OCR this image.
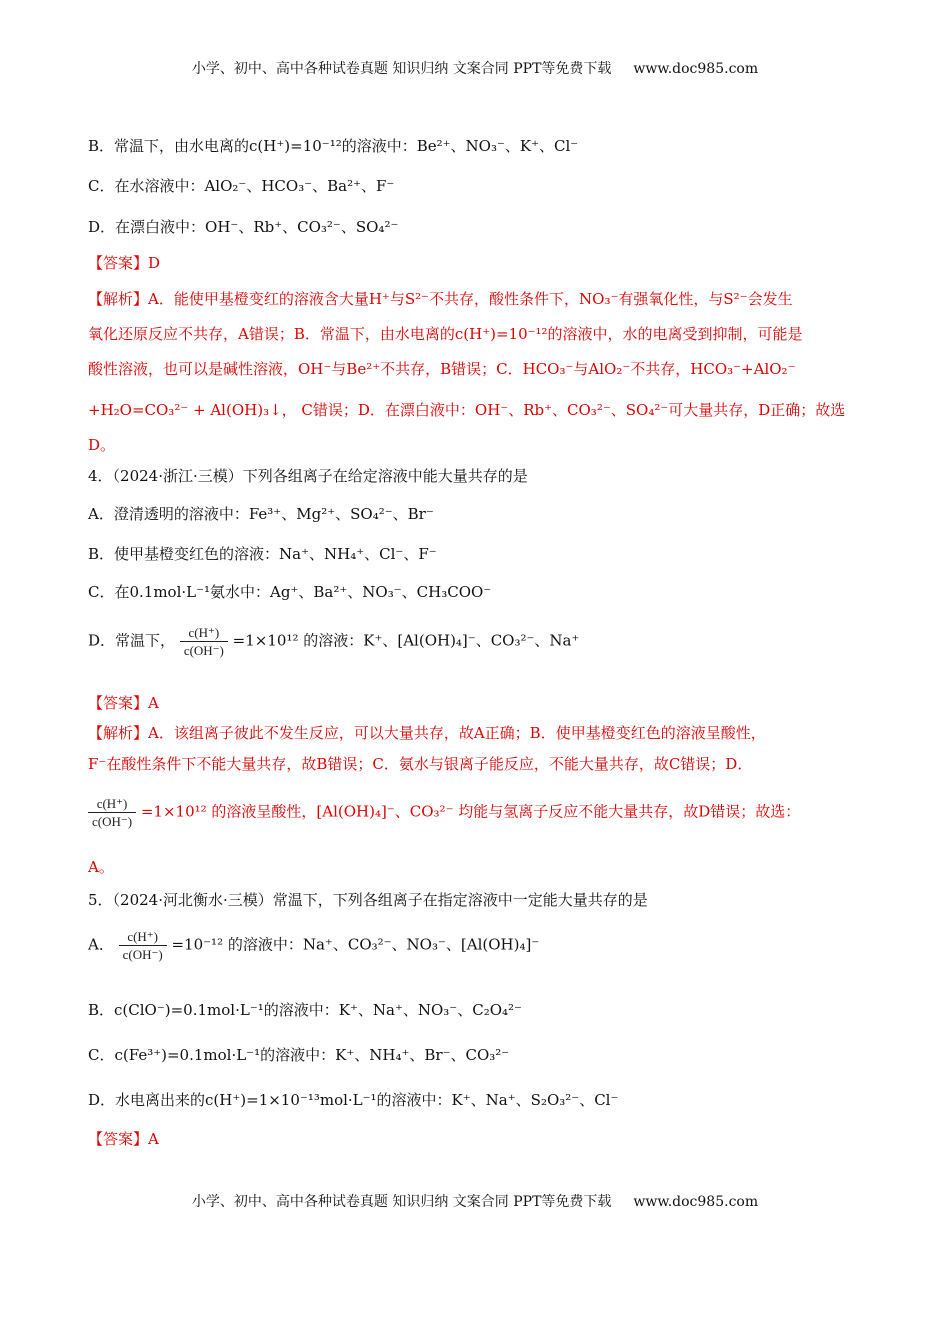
小学、初中、高中各种试卷真题 知识归纳 文案合同 PPT等免费下载 www.doc985.com
B．常温下，由水电离的c(H⁺)=10⁻¹²的溶液中：Be²⁺、NO₃⁻、K⁺、Cl⁻
C．在水溶液中：AlO₂⁻、HCO₃⁻、Ba²⁺、F⁻
D．在漂白液中：OH⁻、Rb⁺、CO₃²⁻、SO₄²⁻
【答案】D
【解析】A．能使甲基橙变红的溶液含大量H⁺与S²⁻不共存，酸性条件下，NO₃⁻有强氧化性，与S²⁻会发生
氧化还原反应不共存，A错误；B．常温下，由水电离的c(H⁺)=10⁻¹²的溶液中，水的电离受到抑制，可能是
酸性溶液，也可以是碱性溶液，OH⁻与Be²⁺不共存，B错误；C．HCO₃⁻与AlO₂⁻不共存，HCO₃⁻+AlO₂⁻
+H₂O=CO₃²⁻ + Al(OH)₃↓， C错误；D．在漂白液中：OH⁻、Rb⁺、CO₃²⁻、SO₄²⁻可大量共存，D正确；故选
D。
4．（2024·浙江·三模）下列各组离子在给定溶液中能大量共存的是
A．澄清透明的溶液中：Fe³⁺、Mg²⁺、SO₄²⁻、Br⁻
B．使甲基橙变红色的溶液：Na⁺、NH₄⁺、Cl⁻、F⁻
C．在0.1mol·L⁻¹氨水中：Ag⁺、Ba²⁺、NO₃⁻、CH₃COO⁻
D．常温下， $\frac{c(H^+)}{c(OH^-)} =1\times 10^{12}$ 的溶液：K⁺、[Al(OH)₄]⁻、CO₃²⁻、Na⁺
【答案】A
【解析】A．该组离子彼此不发生反应，可以大量共存，故A正确；B．使甲基橙变红色的溶液呈酸性，
F⁻在酸性条件下不能大量共存，故B错误；C．氨水与银离子能反应，不能大量共存，故C错误；D．
$\frac{c(H^+)}{c(OH^-)} =1\times 10^{12}$ 的溶液呈酸性，[Al(OH)₄]⁻、CO₃²⁻ 均能与氢离子反应不能大量共存，故D错误；故选：
A。
5．（2024·河北衡水·三模）常温下，下列各组离子在指定溶液中一定能大量共存的是
A． $\frac{c(H^+)}{c(OH^-)} =10^{-12}$ 的溶液中：Na⁺、CO₃²⁻、NO₃⁻、[Al(OH)₄]⁻
B．c(ClO⁻)=0.1mol·L⁻¹的溶液中：K⁺、Na⁺、NO₃⁻、C₂O₄²⁻
C．c(Fe³⁺)=0.1mol·L⁻¹的溶液中：K⁺、NH₄⁺、Br⁻、CO₃²⁻
D．水电离出来的c(H⁺)=1×10⁻¹³mol·L⁻¹的溶液中：K⁺、Na⁺、S₂O₃²⁻、Cl⁻
【答案】A
小学、初中、高中各种试卷真题 知识归纳 文案合同 PPT等免费下载 www.doc985.com
